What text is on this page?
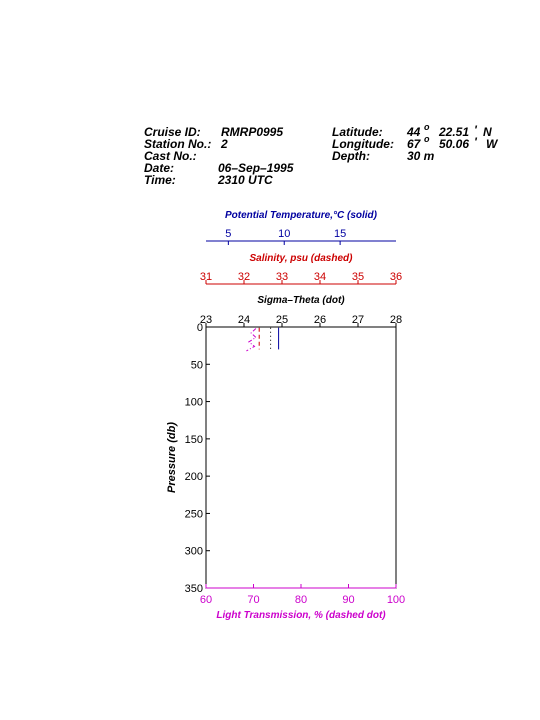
Cruise ID: RMRP0995
Station No.: 2
Cast No.:
Date:	06–Sep–1995
Time:	2310 UTC
Latitude: 44 o 22.51 ' N
Longitude: 67 o 50.06 ' W
Depth:	30 m
Potential Temperature,°C (solid)
5	10	15
Salinity, psu (dashed)
31 32 33 34 35 36
Sigma–Theta (dot)
23 24 25 26 27 28
0
50
100
150
200
250
300
350
Pressure (db)
60	70	80	90	100
Light Transmission, % (dashed dot)
